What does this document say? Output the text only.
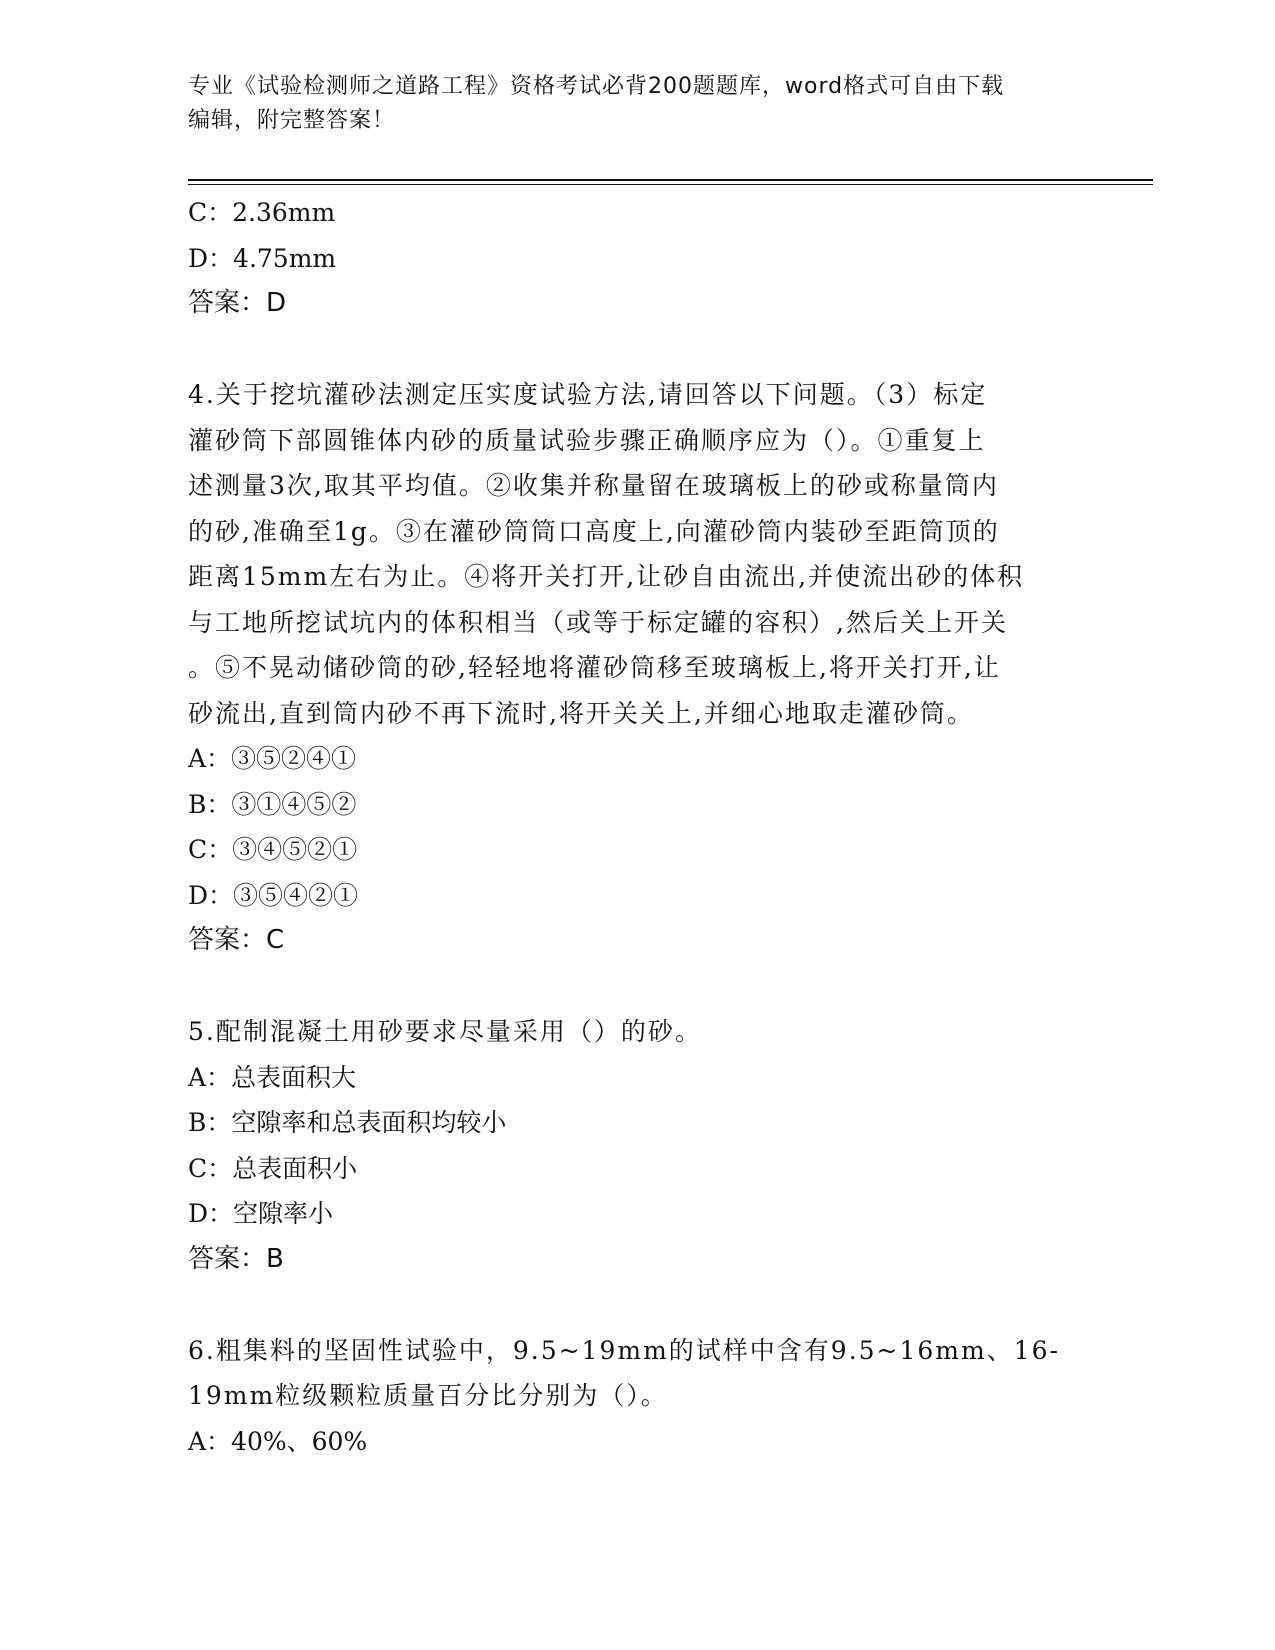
专业《试验检测师之道路工程》资格考试必背200题题库，word格式可自由下载
编辑，附完整答案！
C：2.36mm
D：4.75mm
答案：D
4.关于挖坑灌砂法测定压实度试验方法,请回答以下问题。（3）标定
灌砂筒下部圆锥体内砂的质量试验步骤正确顺序应为（）。①重复上
述测量3次,取其平均值。②收集并称量留在玻璃板上的砂或称量筒内
的砂,准确至1g。③在灌砂筒筒口高度上,向灌砂筒内装砂至距筒顶的
距离15mm左右为止。④将开关打开,让砂自由流出,并使流出砂的体积
与工地所挖试坑内的体积相当（或等于标定罐的容积）,然后关上开关
。⑤不晃动储砂筒的砂,轻轻地将灌砂筒移至玻璃板上,将开关打开,让
砂流出,直到筒内砂不再下流时,将开关关上,并细心地取走灌砂筒。
A：③⑤②④①
B：③①④⑤②
C：③④⑤②①
D：③⑤④②①
答案：C
5.配制混凝土用砂要求尽量采用（）的砂。
A：总表面积大
B：空隙率和总表面积均较小
C：总表面积小
D：空隙率小
答案：B
6.粗集料的坚固性试验中，9.5~19mm的试样中含有9.5~16mm、16-
19mm粒级颗粒质量百分比分别为（）。
A：40%、60%
